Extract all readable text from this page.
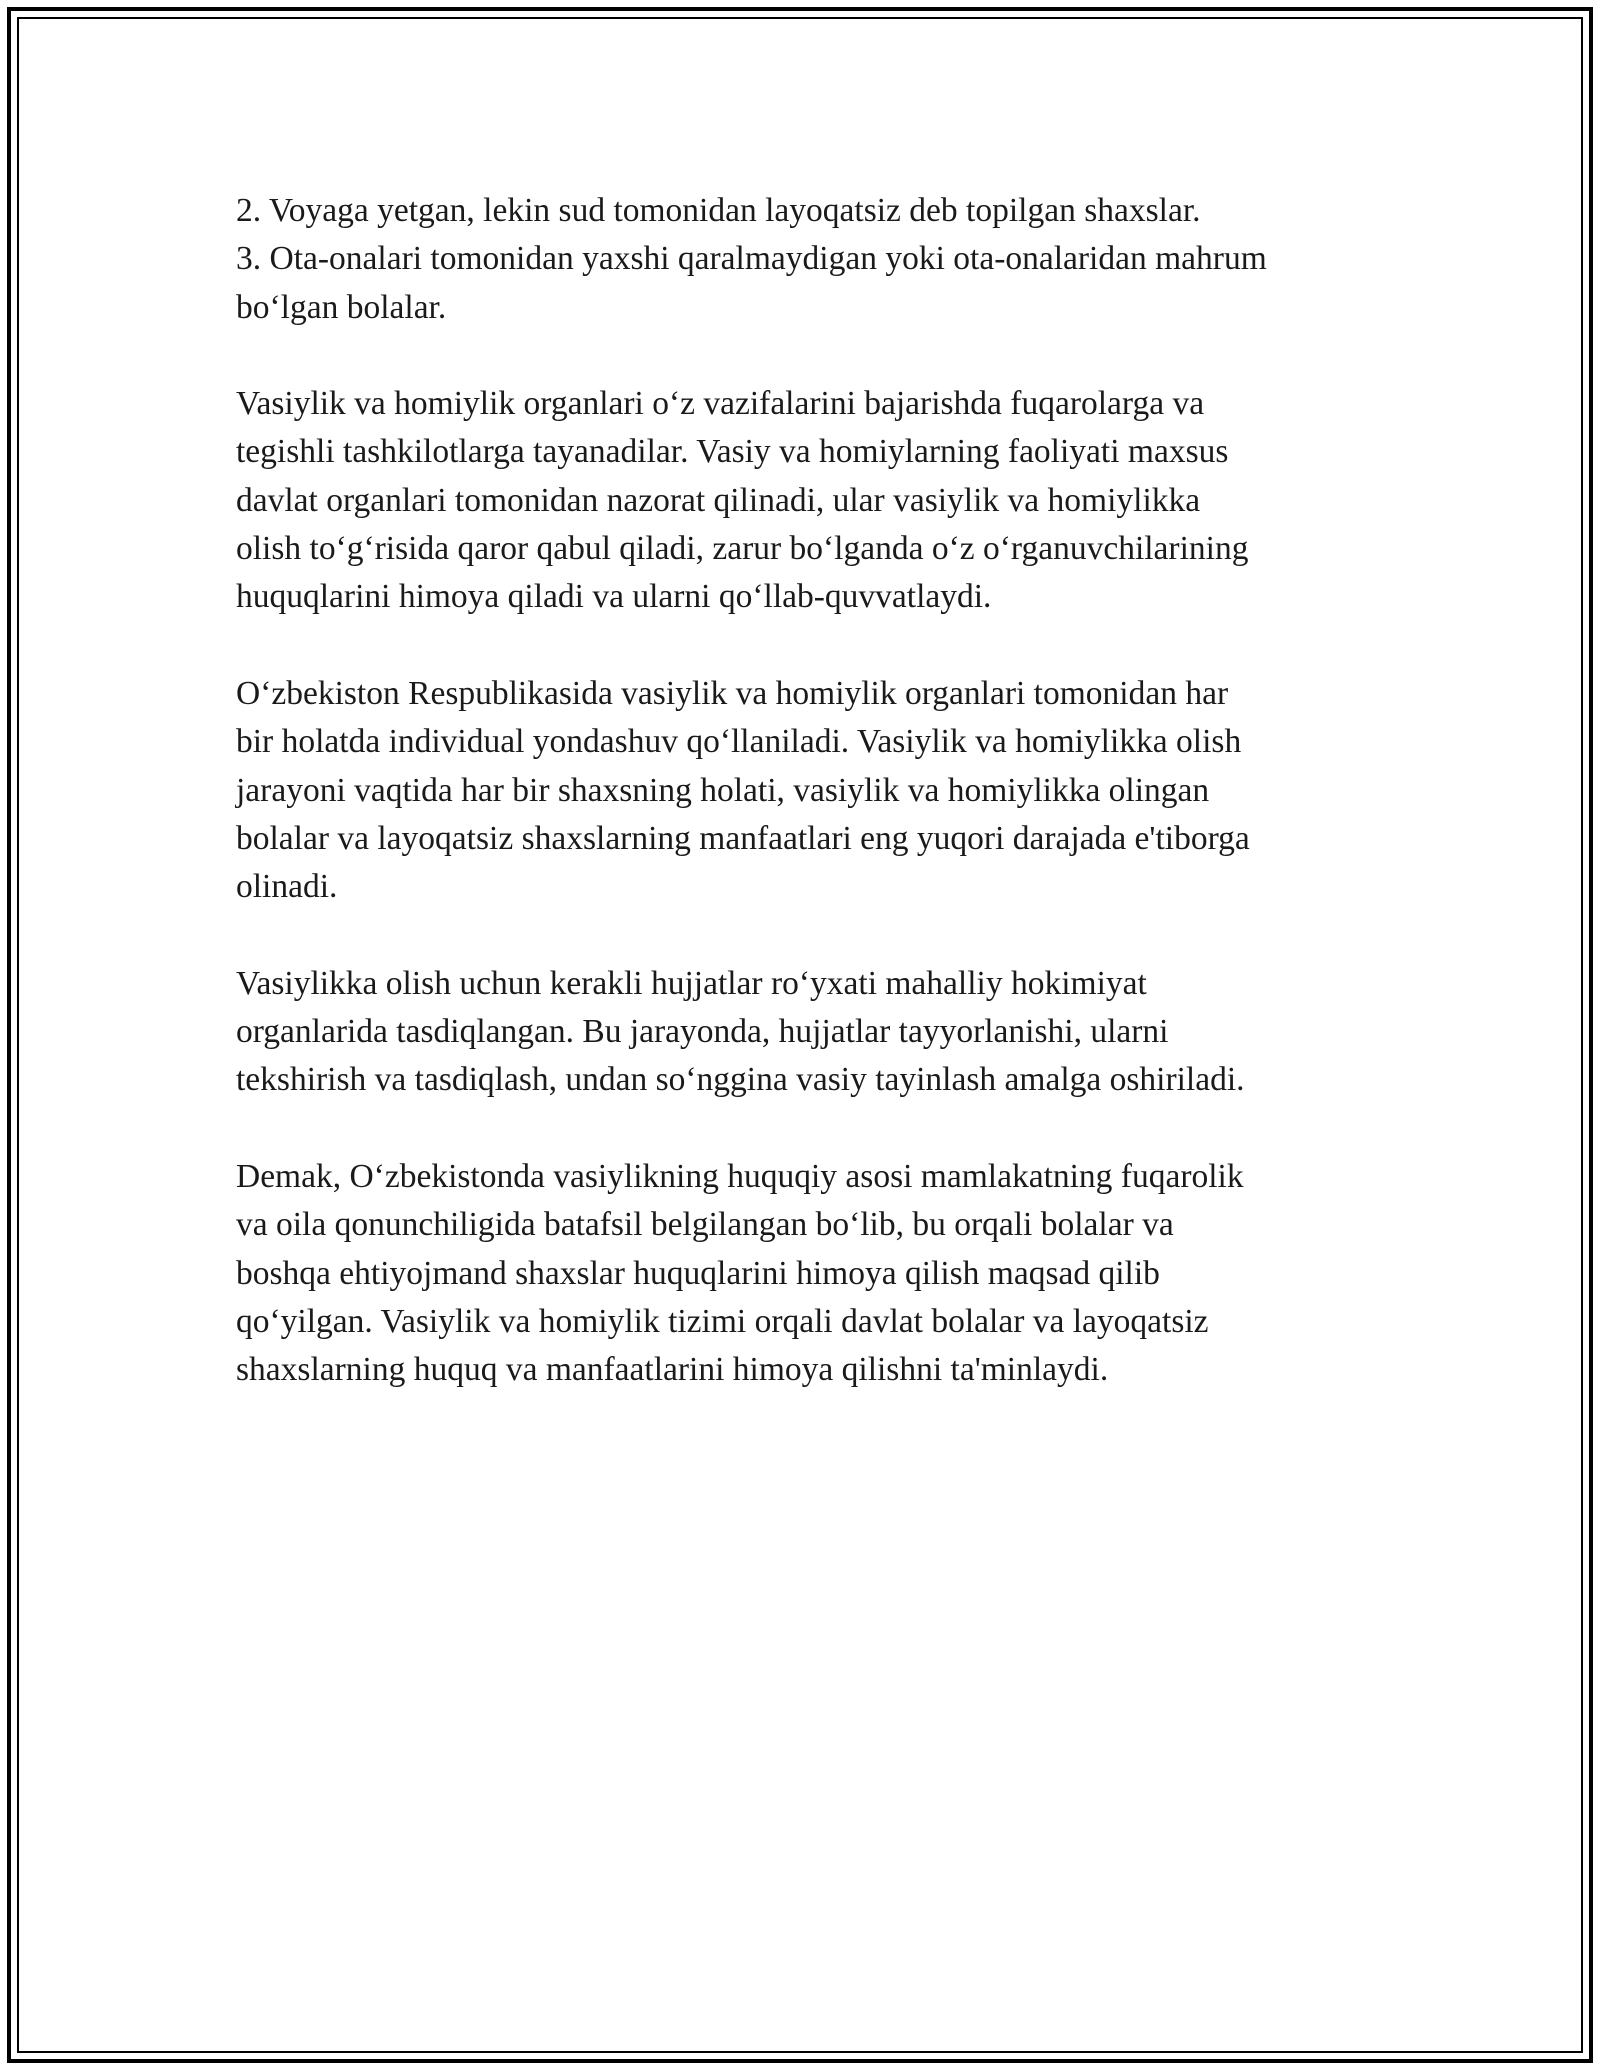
2. Voyaga yetgan, lekin sud tomonidan layoqatsiz deb topilgan shaxslar.
3. Ota-onalari tomonidan yaxshi qaralmaydigan yoki ota-onalaridan mahrum
bo‘lgan bolalar.

Vasiylik va homiylik organlari o‘z vazifalarini bajarishda fuqarolarga va
tegishli tashkilotlarga tayanadilar. Vasiy va homiylarning faoliyati maxsus
davlat organlari tomonidan nazorat qilinadi, ular vasiylik va homiylikka
olish to‘g‘risida qaror qabul qiladi, zarur bo‘lganda o‘z o‘rganuvchilarining
huquqlarini himoya qiladi va ularni qo‘llab-quvvatlaydi.

O‘zbekiston Respublikasida vasiylik va homiylik organlari tomonidan har
bir holatda individual yondashuv qo‘llaniladi. Vasiylik va homiylikka olish
jarayoni vaqtida har bir shaxsning holati, vasiylik va homiylikka olingan
bolalar va layoqatsiz shaxslarning manfaatlari eng yuqori darajada e'tiborga
olinadi.

Vasiylikka olish uchun kerakli hujjatlar ro‘yxati mahalliy hokimiyat
organlarida tasdiqlangan. Bu jarayonda, hujjatlar tayyorlanishi, ularni
tekshirish va tasdiqlash, undan so‘nggina vasiy tayinlash amalga oshiriladi.

Demak, O‘zbekistonda vasiylikning huquqiy asosi mamlakatning fuqarolik
va oila qonunchiligida batafsil belgilangan bo‘lib, bu orqali bolalar va
boshqa ehtiyojmand shaxslar huquqlarini himoya qilish maqsad qilib
qo‘yilgan. Vasiylik va homiylik tizimi orqali davlat bolalar va layoqatsiz
shaxslarning huquq va manfaatlarini himoya qilishni ta'minlaydi.
